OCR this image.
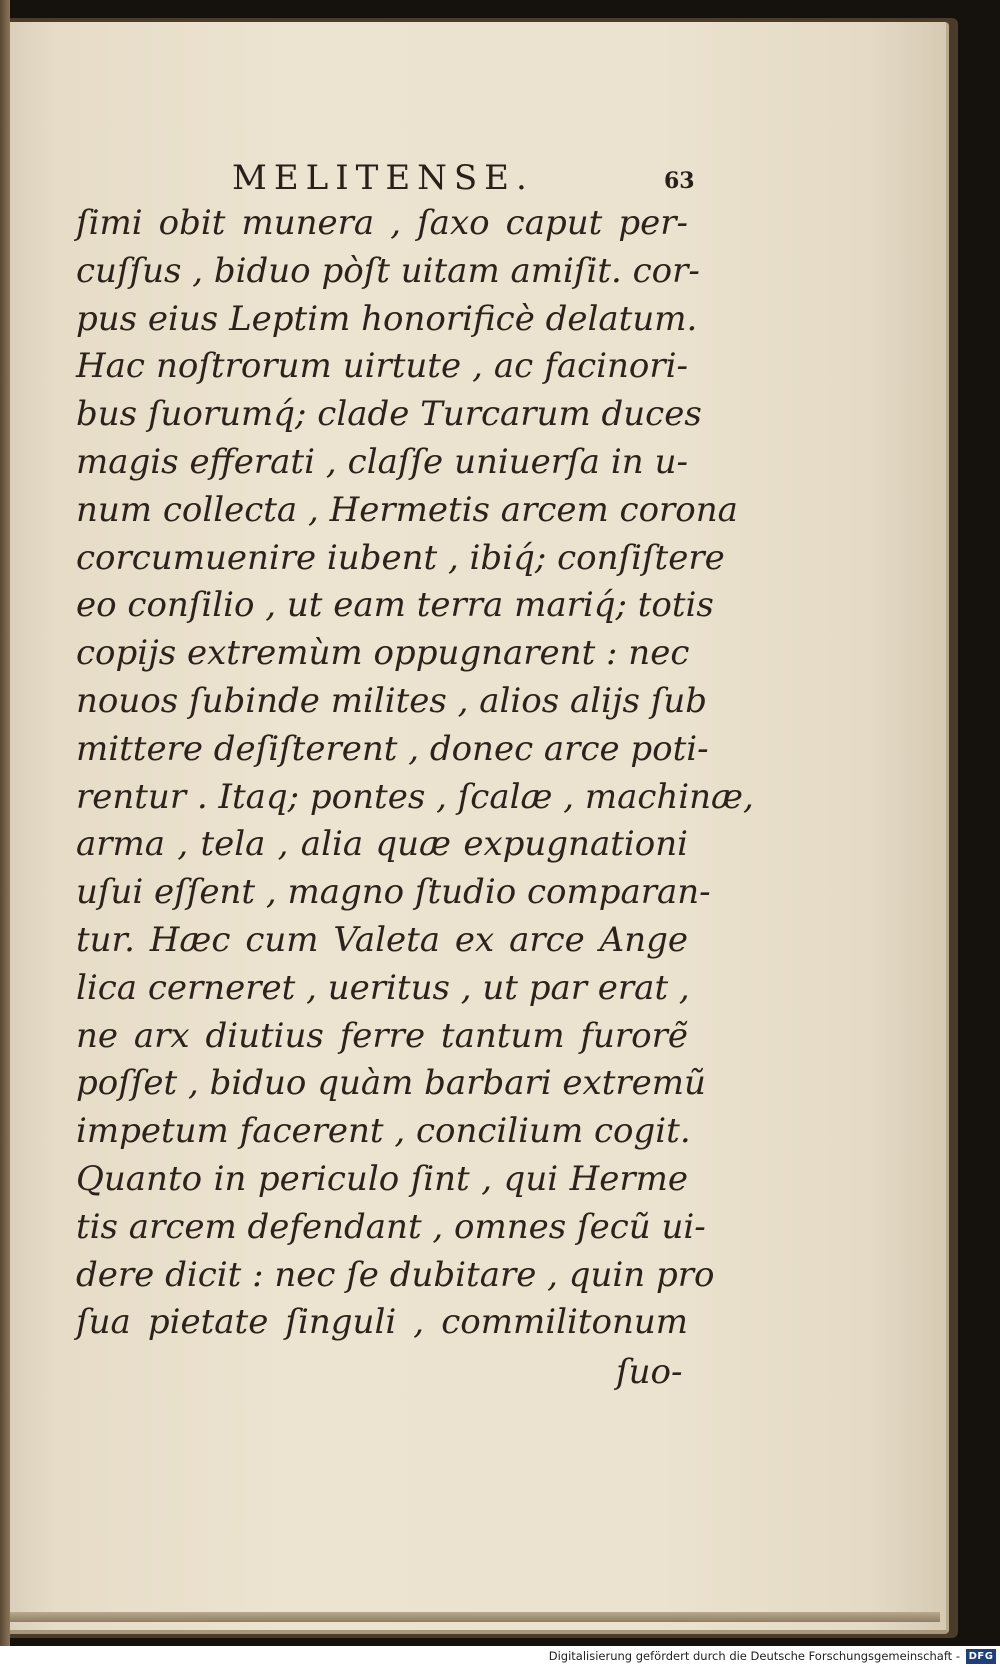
MELITENSE.	63
ſimi obit munera , ſaxo caput per-
cuſſus , biduo pòſt uitam amiſit. cor-
pus eius Leptim honorificè delatum.
Hac noſtrorum uirtute , ac facinori-
bus ſuorumq́; clade Turcarum duces
magis efferati , claſſe uniuerſa in u-
num collecta , Hermetis arcem corona
corcumuenire iubent , ibiq́; conſiſtere
eo conſilio , ut eam terra mariq́; totis
copijs extremùm oppugnarent : nec
nouos ſubinde milites , alios alijs ſub
mittere deſiſterent , donec arce poti-
rentur . Itaq; pontes , ſcalæ , machinæ,
arma , tela , alia quæ expugnationi
uſui eſſent , magno ſtudio comparan-
tur. Hæc cum Valeta ex arce Ange
lica cerneret , ueritus , ut par erat ,
ne arx diutius ferre tantum furorẽ
poſſet , biduo quàm barbari extremũ
impetum facerent , concilium cogit.
Quanto in periculo ſint , qui Herme
tis arcem defendant , omnes ſecũ ui-
dere dicit : nec ſe dubitare , quin pro
ſua pietate ſinguli , commilitonum
ſuo-
Digitalisierung gefördert durch die Deutsche Forschungsgemeinschaft - DFG
